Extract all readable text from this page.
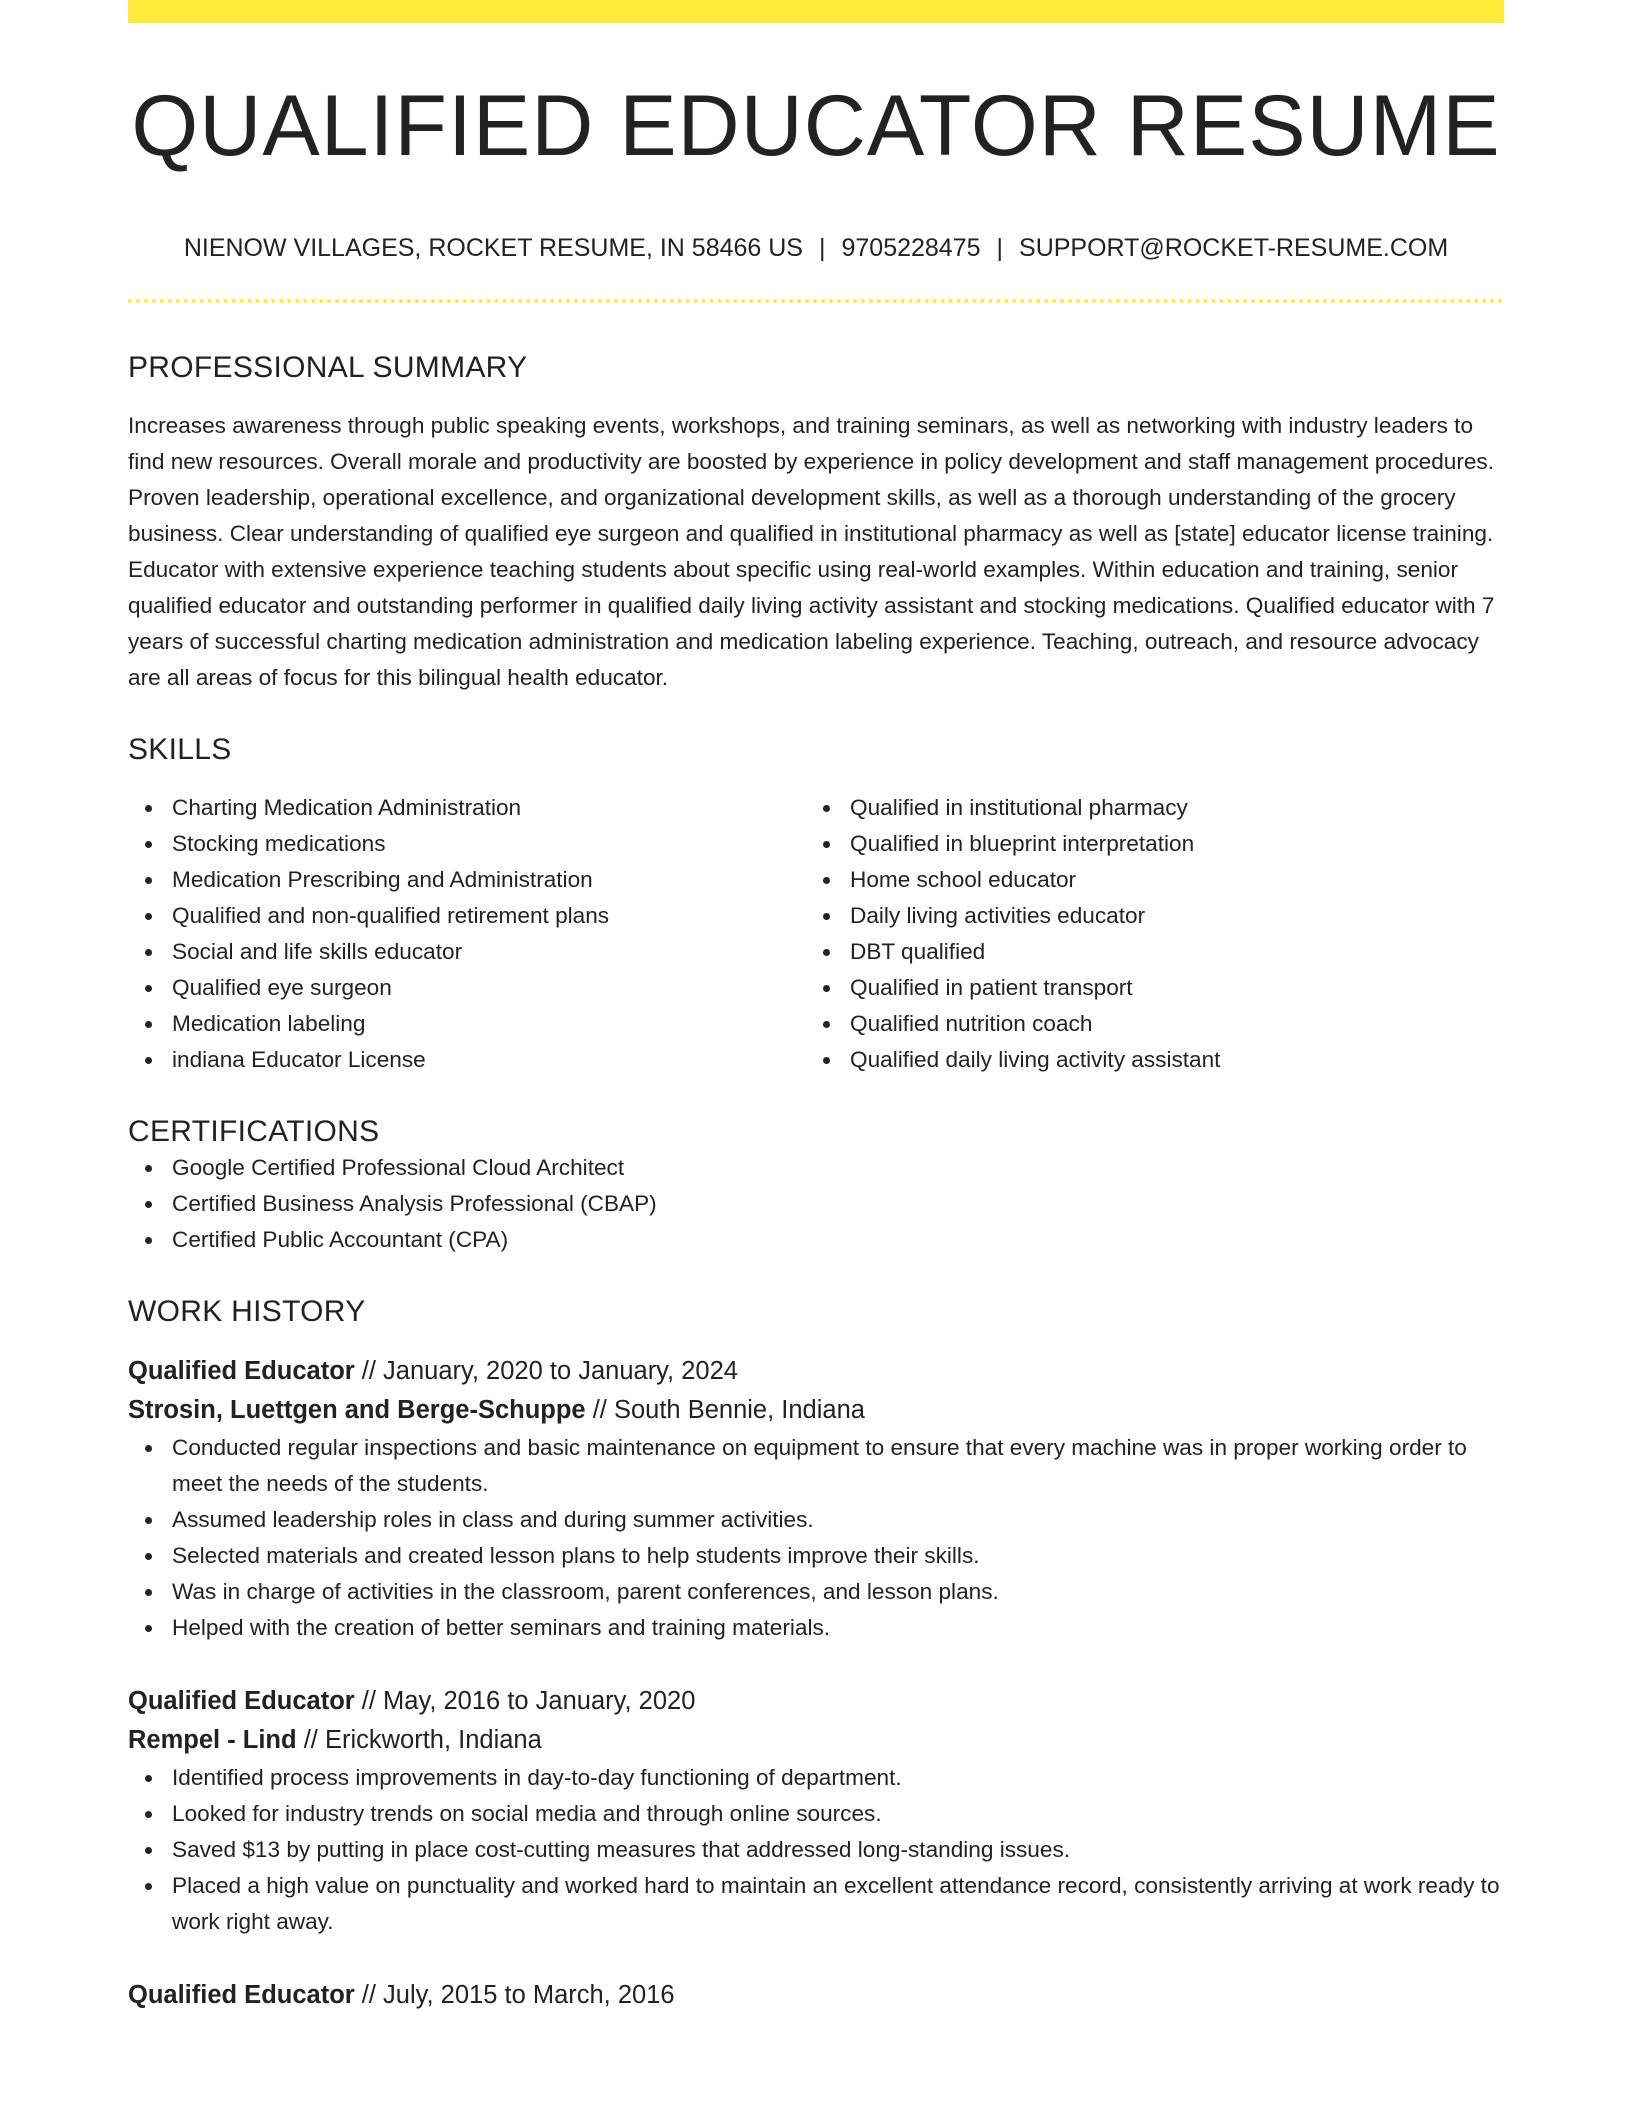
QUALIFIED EDUCATOR RESUME
NIENOW VILLAGES, ROCKET RESUME, IN 58466 US | 9705228475 | SUPPORT@ROCKET-RESUME.COM
PROFESSIONAL SUMMARY
Increases awareness through public speaking events, workshops, and training seminars, as well as networking with industry leaders to find new resources. Overall morale and productivity are boosted by experience in policy development and staff management procedures. Proven leadership, operational excellence, and organizational development skills, as well as a thorough understanding of the grocery business. Clear understanding of qualified eye surgeon and qualified in institutional pharmacy as well as [state] educator license training. Educator with extensive experience teaching students about specific using real-world examples. Within education and training, senior qualified educator and outstanding performer in qualified daily living activity assistant and stocking medications. Qualified educator with 7 years of successful charting medication administration and medication labeling experience. Teaching, outreach, and resource advocacy are all areas of focus for this bilingual health educator.
SKILLS
Charting Medication Administration
Stocking medications
Medication Prescribing and Administration
Qualified and non-qualified retirement plans
Social and life skills educator
Qualified eye surgeon
Medication labeling
indiana Educator License
Qualified in institutional pharmacy
Qualified in blueprint interpretation
Home school educator
Daily living activities educator
DBT qualified
Qualified in patient transport
Qualified nutrition coach
Qualified daily living activity assistant
CERTIFICATIONS
Google Certified Professional Cloud Architect
Certified Business Analysis Professional (CBAP)
Certified Public Accountant (CPA)
WORK HISTORY
Qualified Educator // January, 2020 to January, 2024
Strosin, Luettgen and Berge-Schuppe // South Bennie, Indiana
Conducted regular inspections and basic maintenance on equipment to ensure that every machine was in proper working order to meet the needs of the students.
Assumed leadership roles in class and during summer activities.
Selected materials and created lesson plans to help students improve their skills.
Was in charge of activities in the classroom, parent conferences, and lesson plans.
Helped with the creation of better seminars and training materials.
Qualified Educator // May, 2016 to January, 2020
Rempel - Lind // Erickworth, Indiana
Identified process improvements in day-to-day functioning of department.
Looked for industry trends on social media and through online sources.
Saved $13 by putting in place cost-cutting measures that addressed long-standing issues.
Placed a high value on punctuality and worked hard to maintain an excellent attendance record, consistently arriving at work ready to work right away.
Qualified Educator // July, 2015 to March, 2016
